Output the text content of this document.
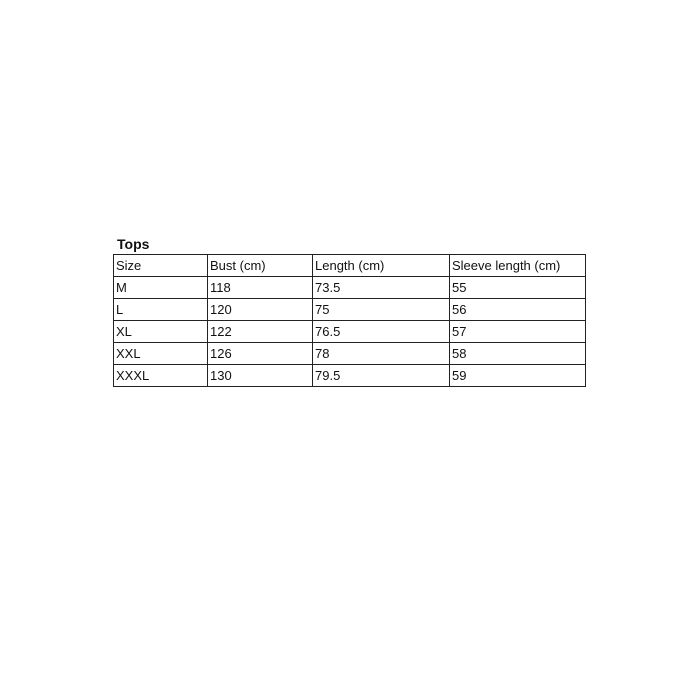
Tops
Size	Bust (cm)	Length (cm)	Sleeve length (cm)
M	118	73.5	55
L	120	75	56
XL	122	76.5	57
XXL	126	78	58
XXXL	130	79.5	59
